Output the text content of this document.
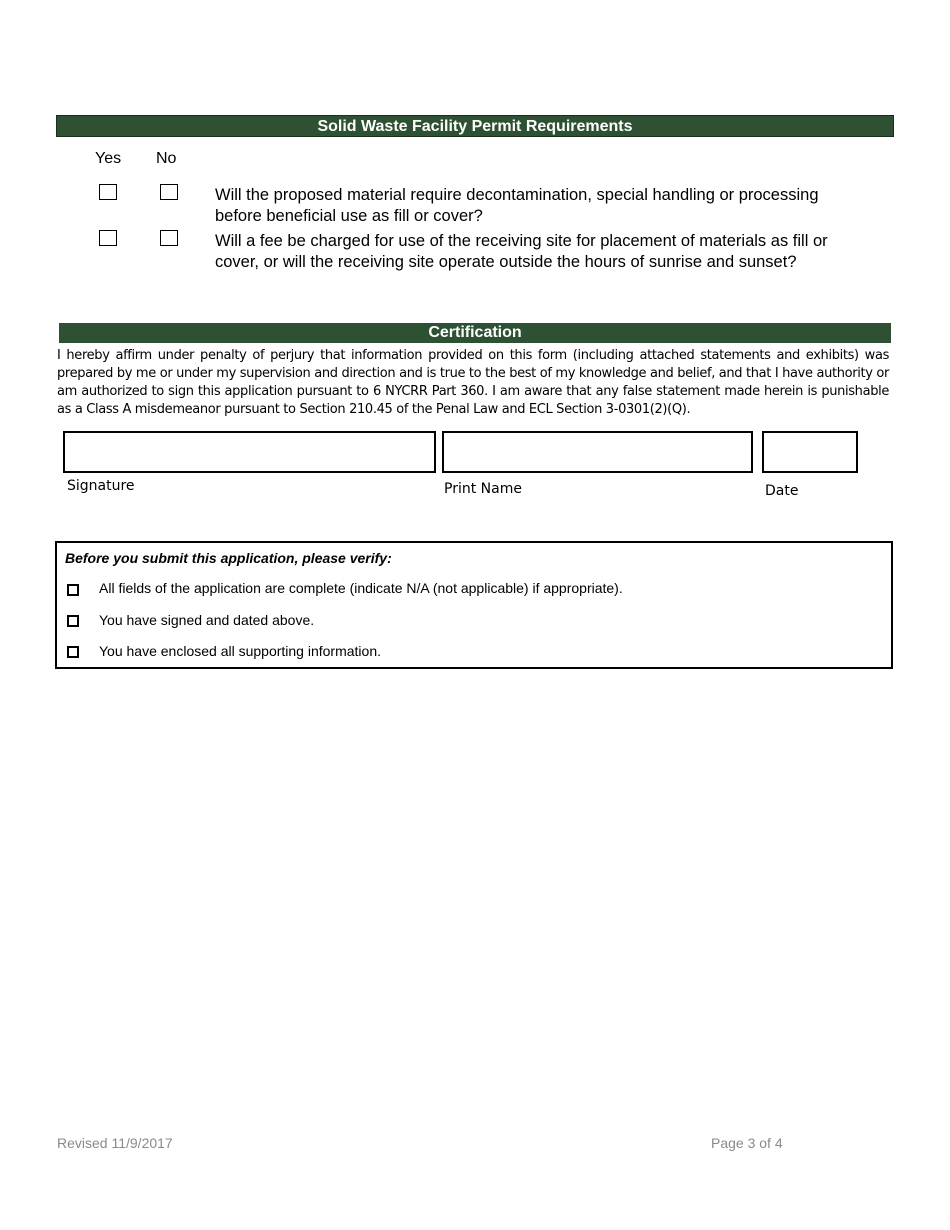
Solid Waste Facility Permit Requirements
Yes No
Will the proposed material require decontamination, special handling or processing
before beneficial use as fill or cover?
Will a fee be charged for use of the receiving site for placement of materials as fill or
cover, or will the receiving site operate outside the hours of sunrise and sunset?
Certification
I hereby affirm under penalty of perjury that information provided on this form (including attached statements and exhibits) was prepared by me or under my supervision and direction and is true to the best of my knowledge and belief, and that I have authority or am authorized to sign this application pursuant to 6 NYCRR Part 360. I am aware that any false statement made herein is punishable as a Class A misdemeanor pursuant to Section 210.45 of the Penal Law and ECL Section 3-0301(2)(Q).
Signature	Print Name	Date
Before you submit this application, please verify:
All fields of the application are complete (indicate N/A (not applicable) if appropriate).
You have signed and dated above.
You have enclosed all supporting information.
Revised 11/9/2017	Page 3 of 4
